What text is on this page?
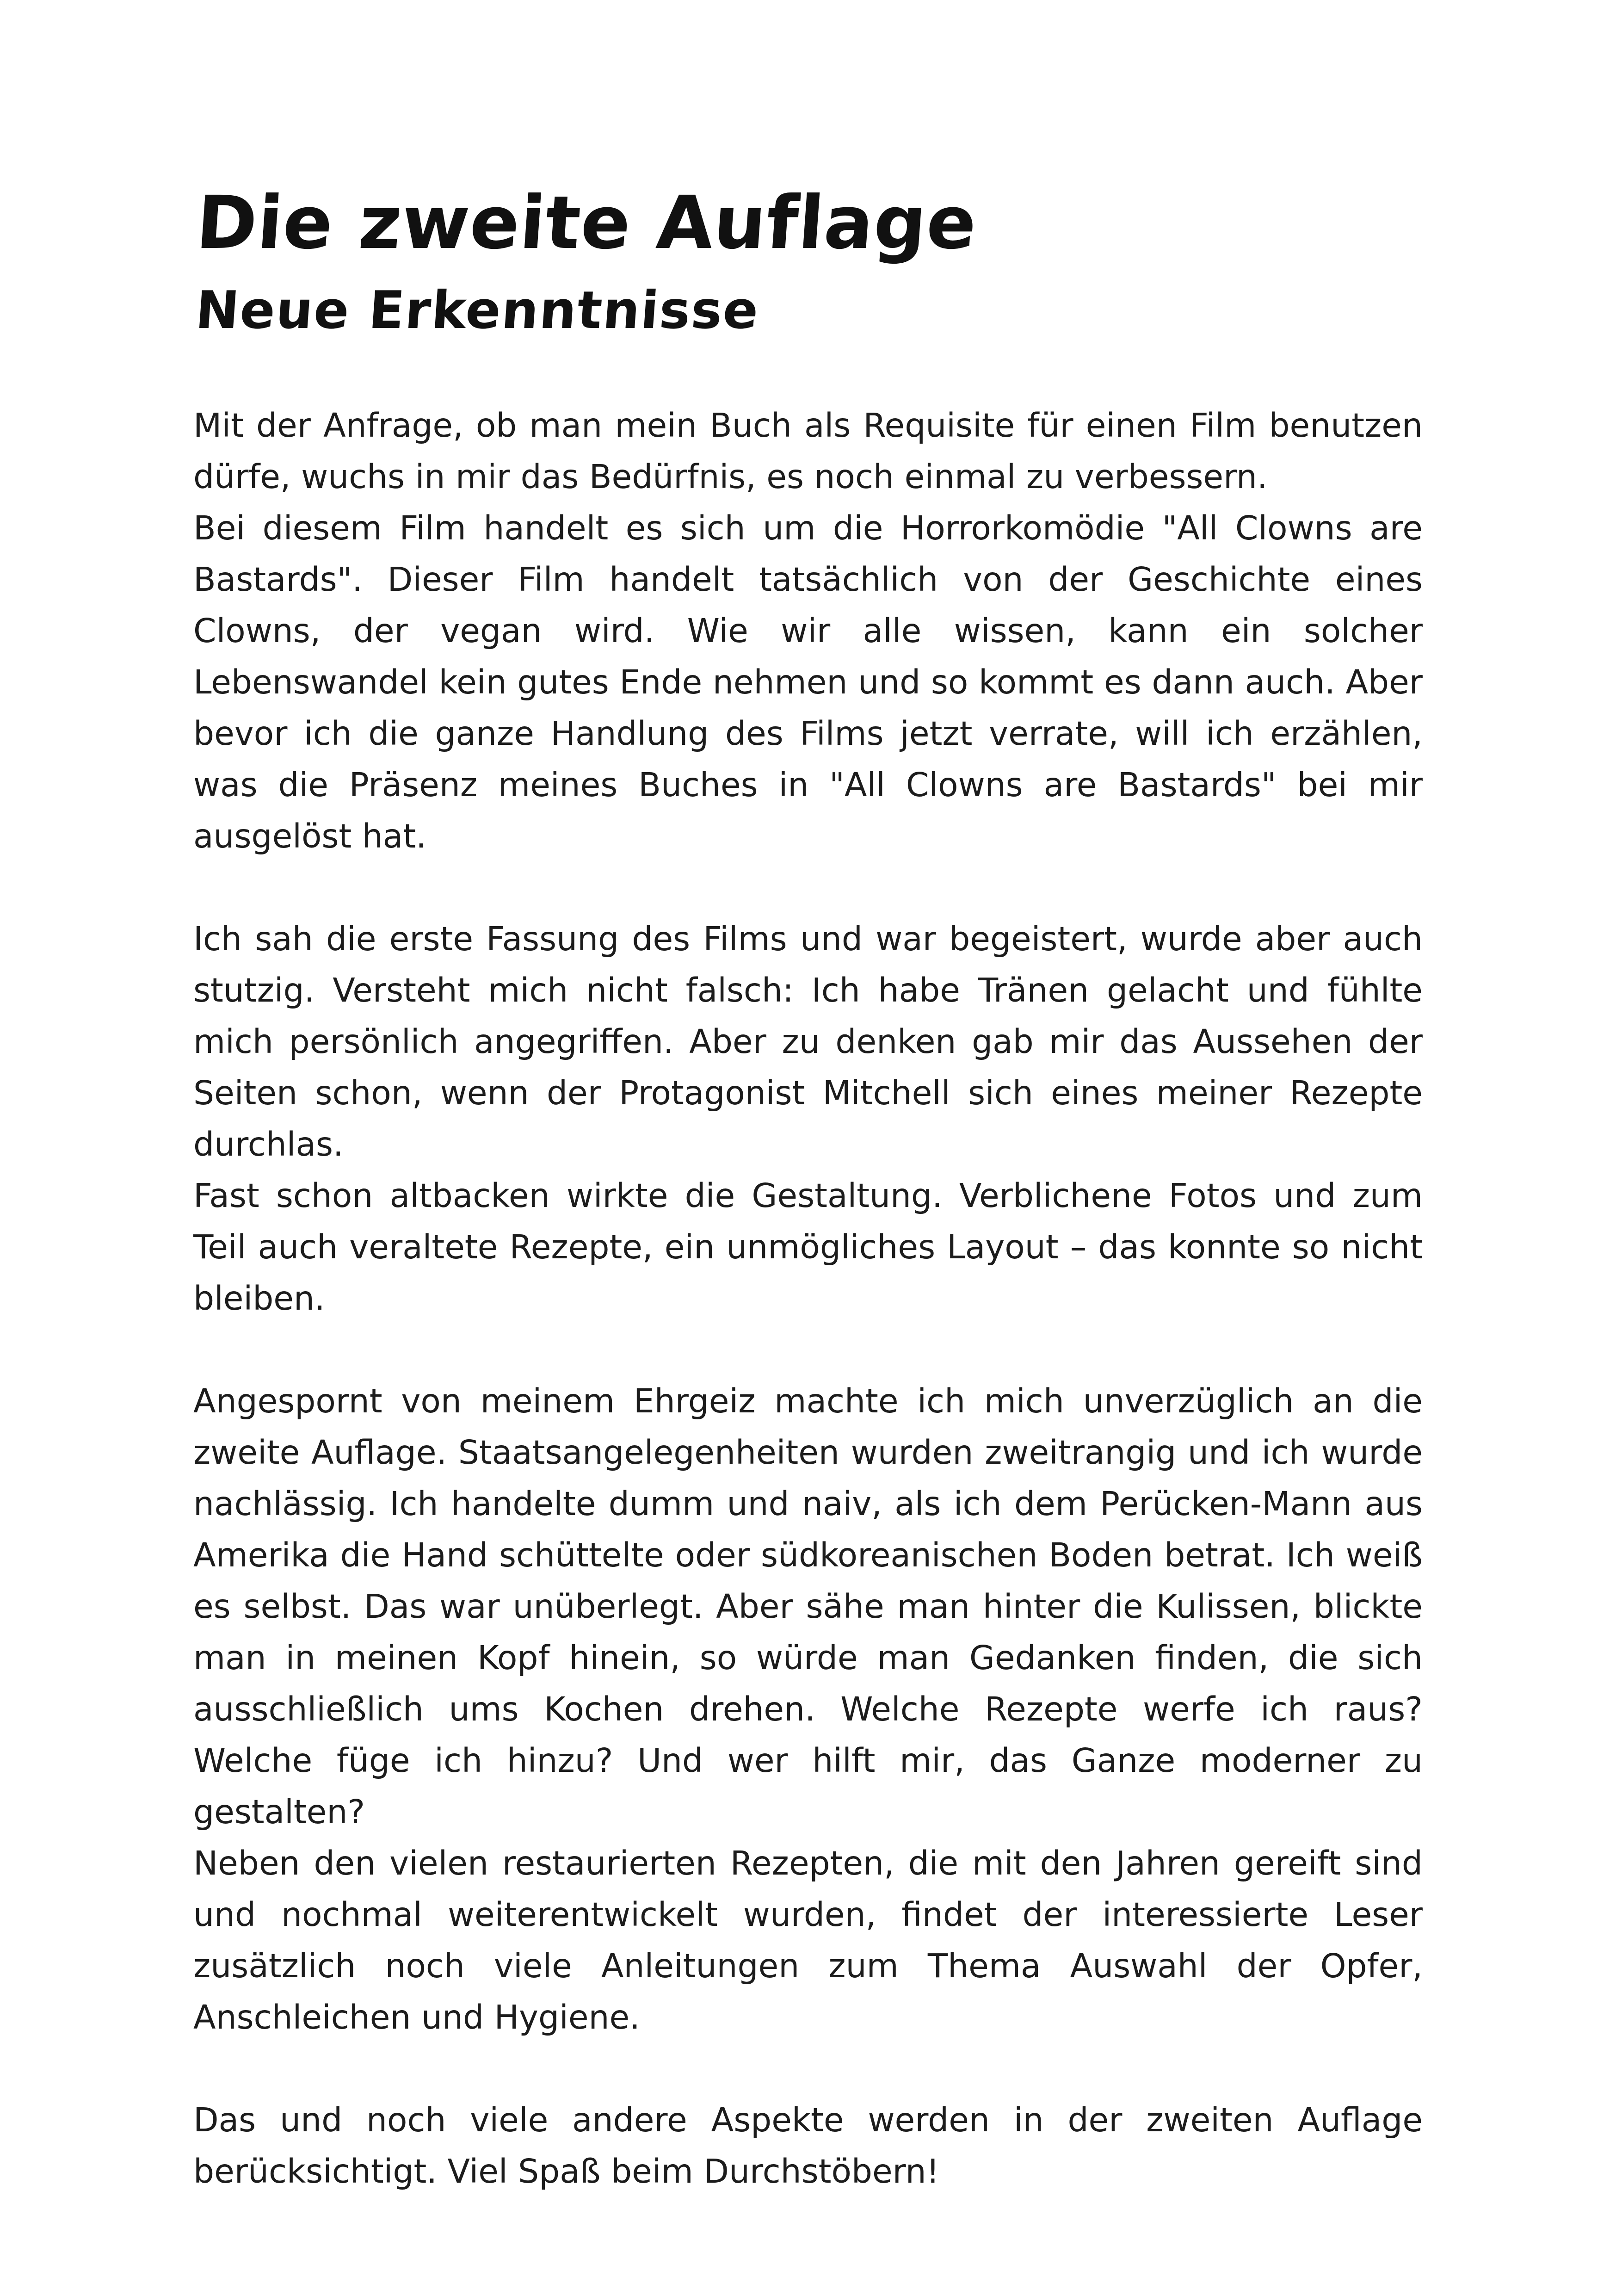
Die zweite Auflage
Neue Erkenntnisse

Mit der Anfrage, ob man mein Buch als Requisite für einen Film benutzen dürfe, wuchs in mir das Bedürfnis, es noch einmal zu verbessern.

Bei diesem Film handelt es sich um die Horrorkomödie "All Clowns are Bastards". Dieser Film handelt tatsächlich von der Geschichte eines Clowns, der vegan wird. Wie wir alle wissen, kann ein solcher Lebenswandel kein gutes Ende nehmen und so kommt es dann auch. Aber bevor ich die ganze Handlung des Films jetzt verrate, will ich erzählen, was die Präsenz meines Buches in "All Clowns are Bastards" bei mir ausgelöst hat.

Ich sah die erste Fassung des Films und war begeistert, wurde aber auch stutzig. Versteht mich nicht falsch: Ich habe Tränen gelacht und fühlte mich persönlich angegriffen. Aber zu denken gab mir das Aussehen der Seiten schon, wenn der Protagonist Mitchell sich eines meiner Rezepte durchlas.

Fast schon altbacken wirkte die Gestaltung. Verblichene Fotos und zum Teil auch veraltete Rezepte, ein unmögliches Layout – das konnte so nicht bleiben.

Angespornt von meinem Ehrgeiz machte ich mich unverzüglich an die zweite Auflage. Staatsangelegenheiten wurden zweitrangig und ich wurde nachlässig. Ich handelte dumm und naiv, als ich dem Perücken-Mann aus Amerika die Hand schüttelte oder südkoreanischen Boden betrat. Ich weiß es selbst. Das war unüberlegt. Aber sähe man hinter die Kulissen, blickte man in meinen Kopf hinein, so würde man Gedanken finden, die sich ausschließlich ums Kochen drehen. Welche Rezepte werfe ich raus? Welche füge ich hinzu? Und wer hilft mir, das Ganze moderner zu gestalten?

Neben den vielen restaurierten Rezepten, die mit den Jahren gereift sind und nochmal weiterentwickelt wurden, findet der interessierte Leser zusätzlich noch viele Anleitungen zum Thema Auswahl der Opfer, Anschleichen und Hygiene.

Das und noch viele andere Aspekte werden in der zweiten Auflage berücksichtigt. Viel Spaß beim Durchstöbern!
